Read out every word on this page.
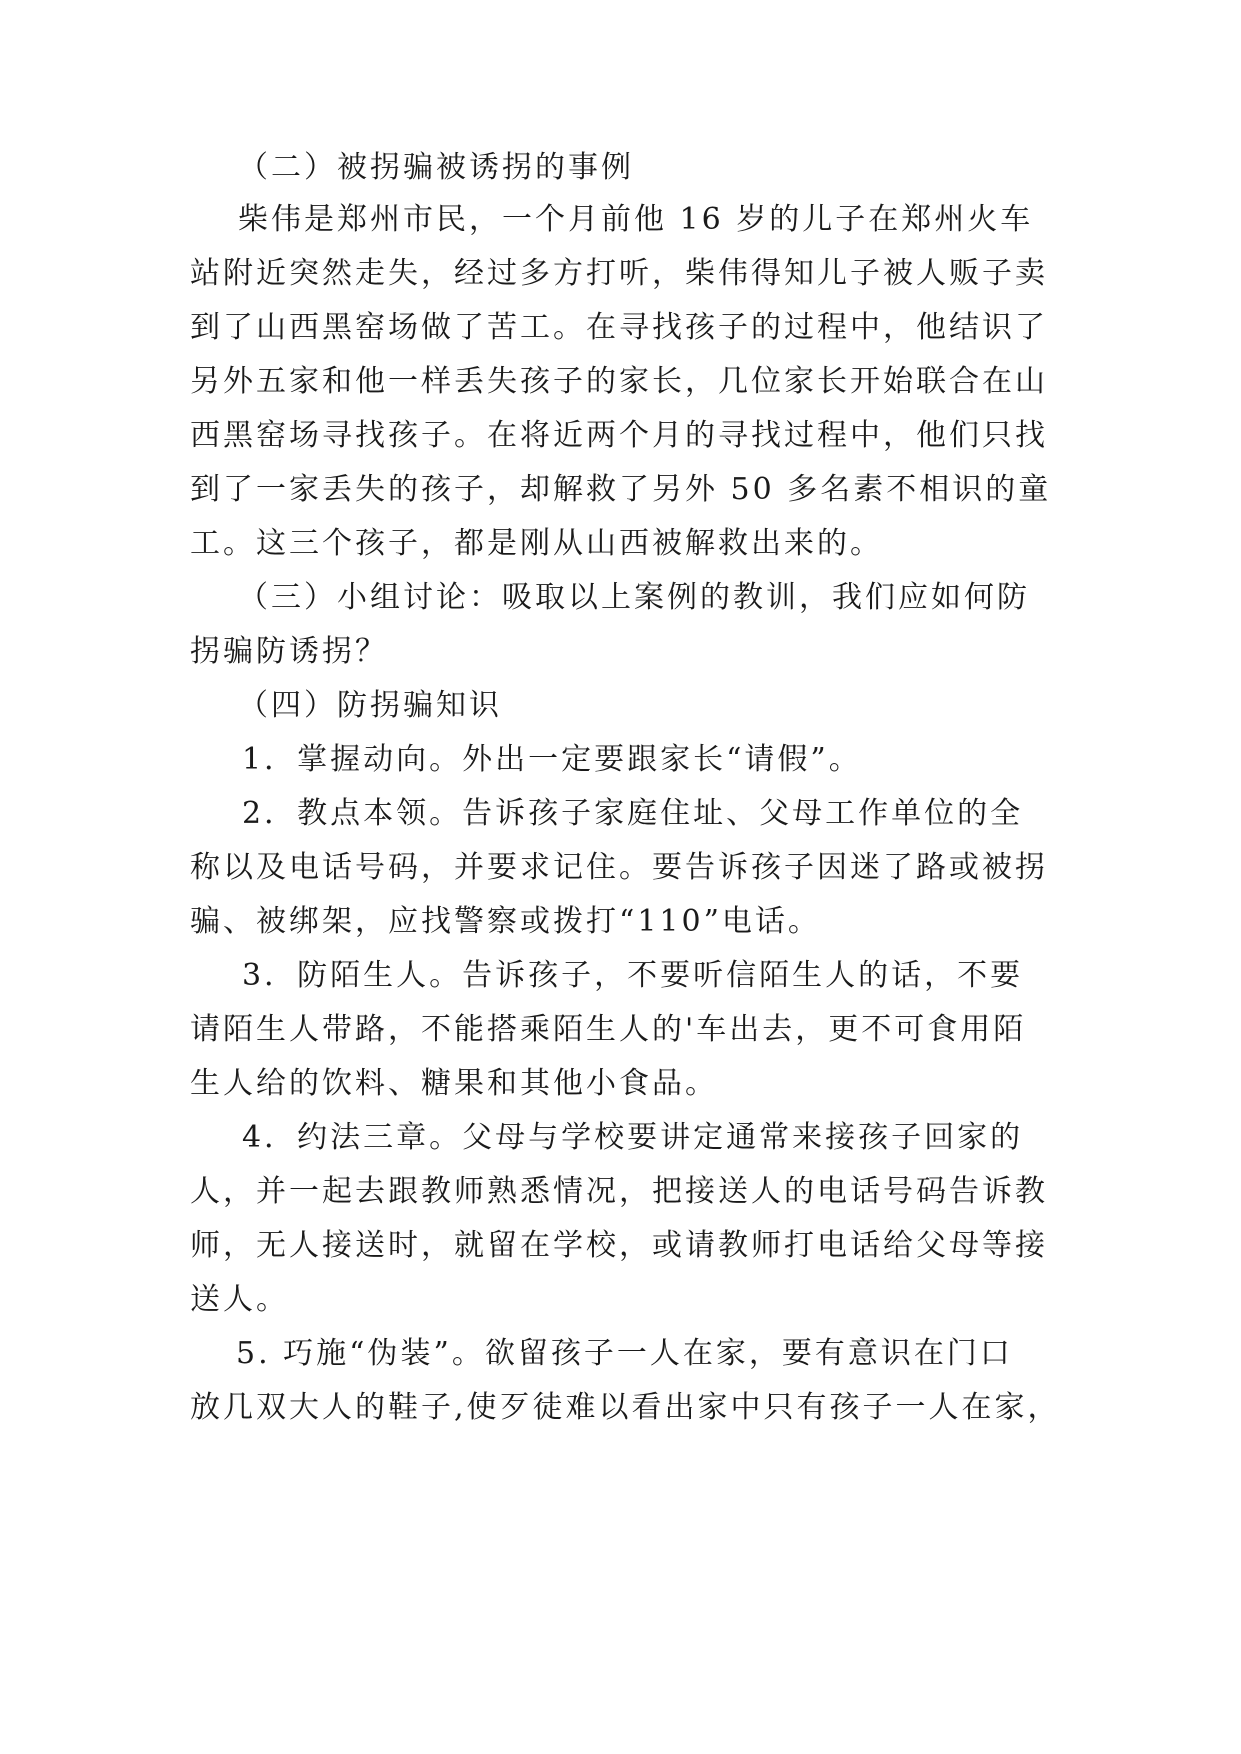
（二）被拐骗被诱拐的事例
柴伟是郑州市民，一个月前他 16 岁的儿子在郑州火车
站附近突然走失，经过多方打听，柴伟得知儿子被人贩子卖
到了山西黑窑场做了苦工。在寻找孩子的过程中，他结识了
另外五家和他一样丢失孩子的家长，几位家长开始联合在山
西黑窑场寻找孩子。在将近两个月的寻找过程中，他们只找
到了一家丢失的孩子，却解救了另外 50 多名素不相识的童
工。这三个孩子，都是刚从山西被解救出来的。
（三）小组讨论：吸取以上案例的教训，我们应如何防
拐骗防诱拐？
（四）防拐骗知识
1．掌握动向。外出一定要跟家长“请假”。
2．教点本领。告诉孩子家庭住址、父母工作单位的全
称以及电话号码，并要求记住。要告诉孩子因迷了路或被拐
骗、被绑架，应找警察或拨打“110”电话。
3．防陌生人。告诉孩子，不要听信陌生人的话，不要
请陌生人带路，不能搭乘陌生人的'车出去，更不可食用陌
生人给的饮料、糖果和其他小食品。
4．约法三章。父母与学校要讲定通常来接孩子回家的
人，并一起去跟教师熟悉情况，把接送人的电话号码告诉教
师，无人接送时，就留在学校，或请教师打电话给父母等接
送人。
5. 巧施“伪装”。欲留孩子一人在家，要有意识在门口
放几双大人的鞋子,使歹徒难以看出家中只有孩子一人在家，
